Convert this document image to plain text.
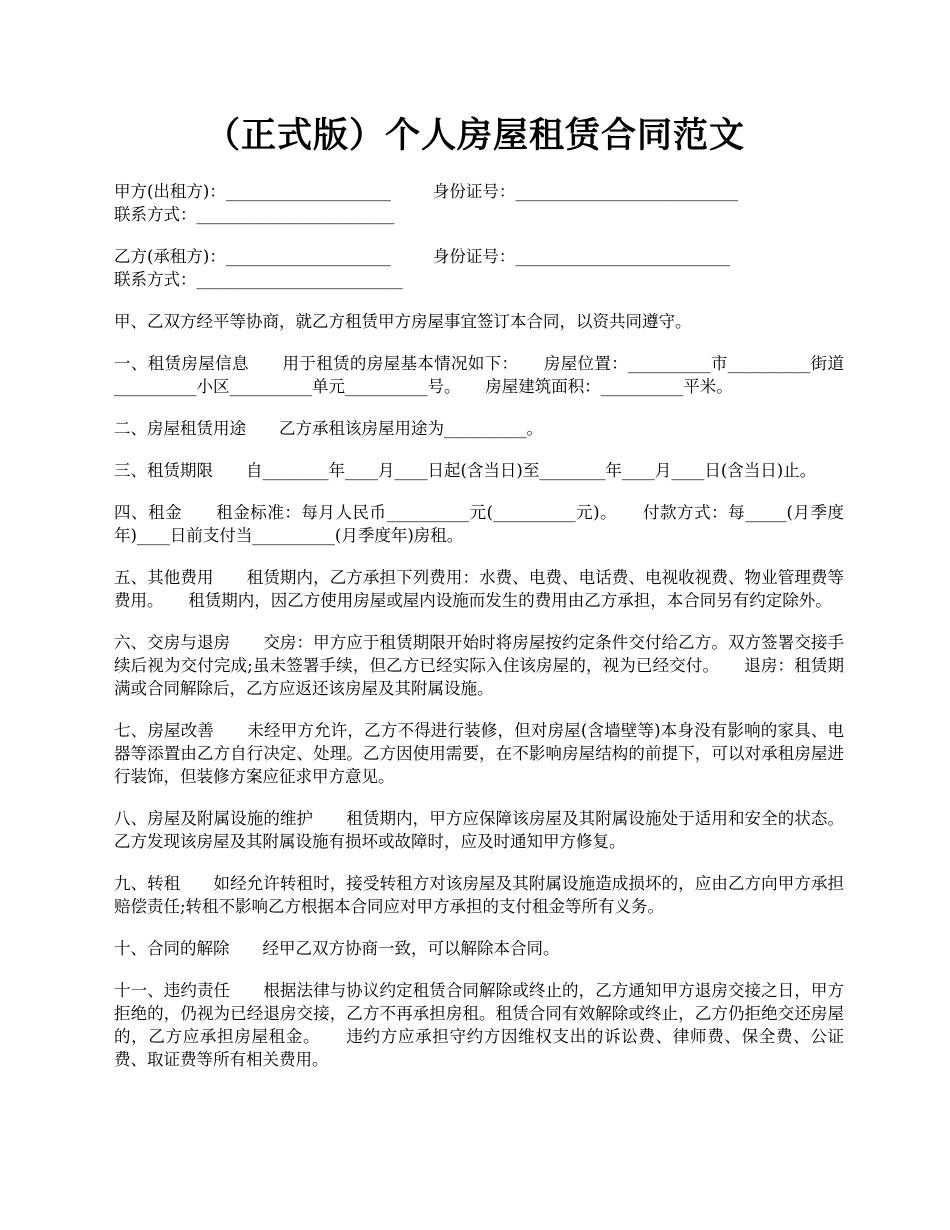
（正式版）个人房屋租赁合同范文
甲方(出租方)：____________________        身份证号：___________________________
联系方式：________________________
乙方(承租方)：____________________        身份证号：__________________________
联系方式：_________________________

甲、乙双方经平等协商，就乙方租赁甲方房屋事宜签订本合同，以资共同遵守。

一、租赁房屋信息　　用于租赁的房屋基本情况如下：　　房屋位置：__________市__________街道__________小区__________单元__________号。　　房屋建筑面积：__________平米。

二、房屋租赁用途　　乙方承租该房屋用途为__________。

三、租赁期限　　自________年____月____日起(含当日)至________年____月____日(含当日)止。

四、租金　　租金标准：每月人民币__________元(__________元)。　　付款方式：每_____(月季度年)____日前支付当__________(月季度年)房租。

五、其他费用　　租赁期内，乙方承担下列费用：水费、电费、电话费、电视收视费、物业管理费等费用。　　租赁期内，因乙方使用房屋或屋内设施而发生的费用由乙方承担，本合同另有约定除外。

六、交房与退房　　交房：甲方应于租赁期限开始时将房屋按约定条件交付给乙方。双方签署交接手续后视为交付完成;虽未签署手续，但乙方已经实际入住该房屋的，视为已经交付。　　退房：租赁期满或合同解除后，乙方应返还该房屋及其附属设施。

七、房屋改善　　未经甲方允许，乙方不得进行装修，但对房屋(含墙壁等)本身没有影响的家具、电器等添置由乙方自行决定、处理。乙方因使用需要，在不影响房屋结构的前提下，可以对承租房屋进行装饰，但装修方案应征求甲方意见。

八、房屋及附属设施的维护　　租赁期内，甲方应保障该房屋及其附属设施处于适用和安全的状态。乙方发现该房屋及其附属设施有损坏或故障时，应及时通知甲方修复。

九、转租　　如经允许转租时，接受转租方对该房屋及其附属设施造成损坏的，应由乙方向甲方承担赔偿责任;转租不影响乙方根据本合同应对甲方承担的支付租金等所有义务。

十、合同的解除　　经甲乙双方协商一致，可以解除本合同。

十一、违约责任　　根据法律与协议约定租赁合同解除或终止的，乙方通知甲方退房交接之日，甲方拒绝的，仍视为已经退房交接，乙方不再承担房租。租赁合同有效解除或终止，乙方仍拒绝交还房屋的，乙方应承担房屋租金。　　违约方应承担守约方因维权支出的诉讼费、律师费、保全费、公证费、取证费等所有相关费用。
